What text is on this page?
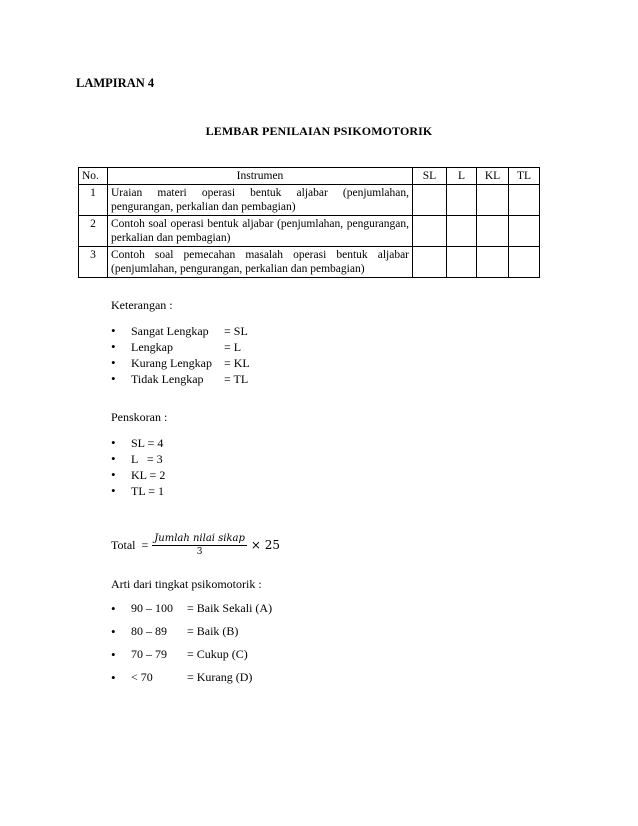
LAMPIRAN 4
LEMBAR PENILAIAN PSIKOMOTORIK
No.	Instrumen	SL	L	KL	TL
1	Uraian materi operasi bentuk aljabar (penjumlahan, pengurangan, perkalian dan pembagian)				
2	Contoh soal operasi bentuk aljabar (penjumlahan, pengurangan, perkalian dan pembagian)				
3	Contoh soal pemecahan masalah operasi bentuk aljabar (penjumlahan, pengurangan, perkalian dan pembagian)				
Keterangan :
• Sangat Lengkap = SL
• Lengkap	= L
• Kurang Lengkap = KL
• Tidak Lengkap = TL
Penskoran :
• SL = 4
• L   = 3
• KL = 2
• TL = 1
Total  = $\frac{\text{Jumlah nilai sikap}}{3} \times 25$
Arti dari tingkat psikomotorik :
• 90 – 100 = Baik Sekali (A)
• 80 – 89 = Baik (B)
• 70 – 79 = Cukup (C)
• < 70	= Kurang (D)
